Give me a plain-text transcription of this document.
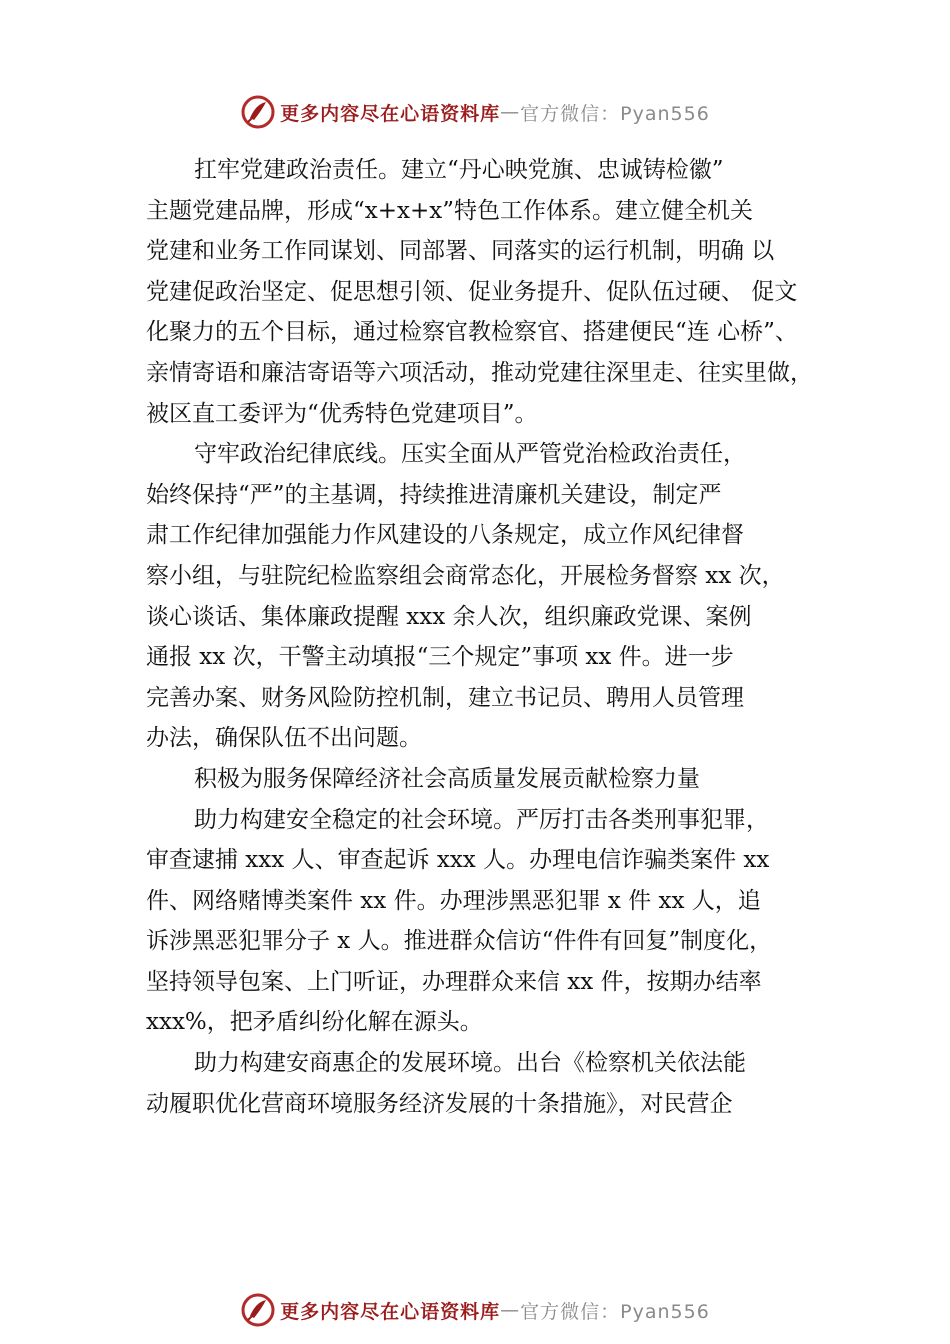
更多内容尽在心语资料库 — 官方微信：Pyan556
扛牢党建政治责任。建立“丹心映党旗、忠诚铸检徽”
主题党建品牌，形成“x+x+x”特色工作体系。建立健全机关
党建和业务工作同谋划、同部署、同落实的运行机制，明确 以
党建促政治坚定、促思想引领、促业务提升、促队伍过硬、 促文
化聚力的五个目标，通过检察官教检察官、搭建便民“连 心桥”、
亲情寄语和廉洁寄语等六项活动，推动党建往深里走、往实里做，
被区直工委评为“优秀特色党建项目”。
守牢政治纪律底线。压实全面从严管党治检政治责任，
始终保持“严”的主基调，持续推进清廉机关建设，制定严
肃工作纪律加强能力作风建设的八条规定，成立作风纪律督
察小组，与驻院纪检监察组会商常态化，开展检务督察 xx 次，
谈心谈话、集体廉政提醒 xxx 余人次，组织廉政党课、案例
通报 xx 次，干警主动填报“三个规定”事项 xx 件。进一步
完善办案、财务风险防控机制，建立书记员、聘用人员管理
办法，确保队伍不出问题。
积极为服务保障经济社会高质量发展贡献检察力量
助力构建安全稳定的社会环境。严厉打击各类刑事犯罪，
审查逮捕 xxx 人、审查起诉 xxx 人。办理电信诈骗类案件 xx
件、网络赌博类案件 xx 件。办理涉黑恶犯罪 x 件 xx 人，追
诉涉黑恶犯罪分子 x 人。推进群众信访“件件有回复”制度化，
坚持领导包案、上门听证，办理群众来信 xx 件，按期办结率
xxx%，把矛盾纠纷化解在源头。
助力构建安商惠企的发展环境。出台《检察机关依法能
动履职优化营商环境服务经济发展的十条措施》，对民营企
更多内容尽在心语资料库 — 官方微信：Pyan556
